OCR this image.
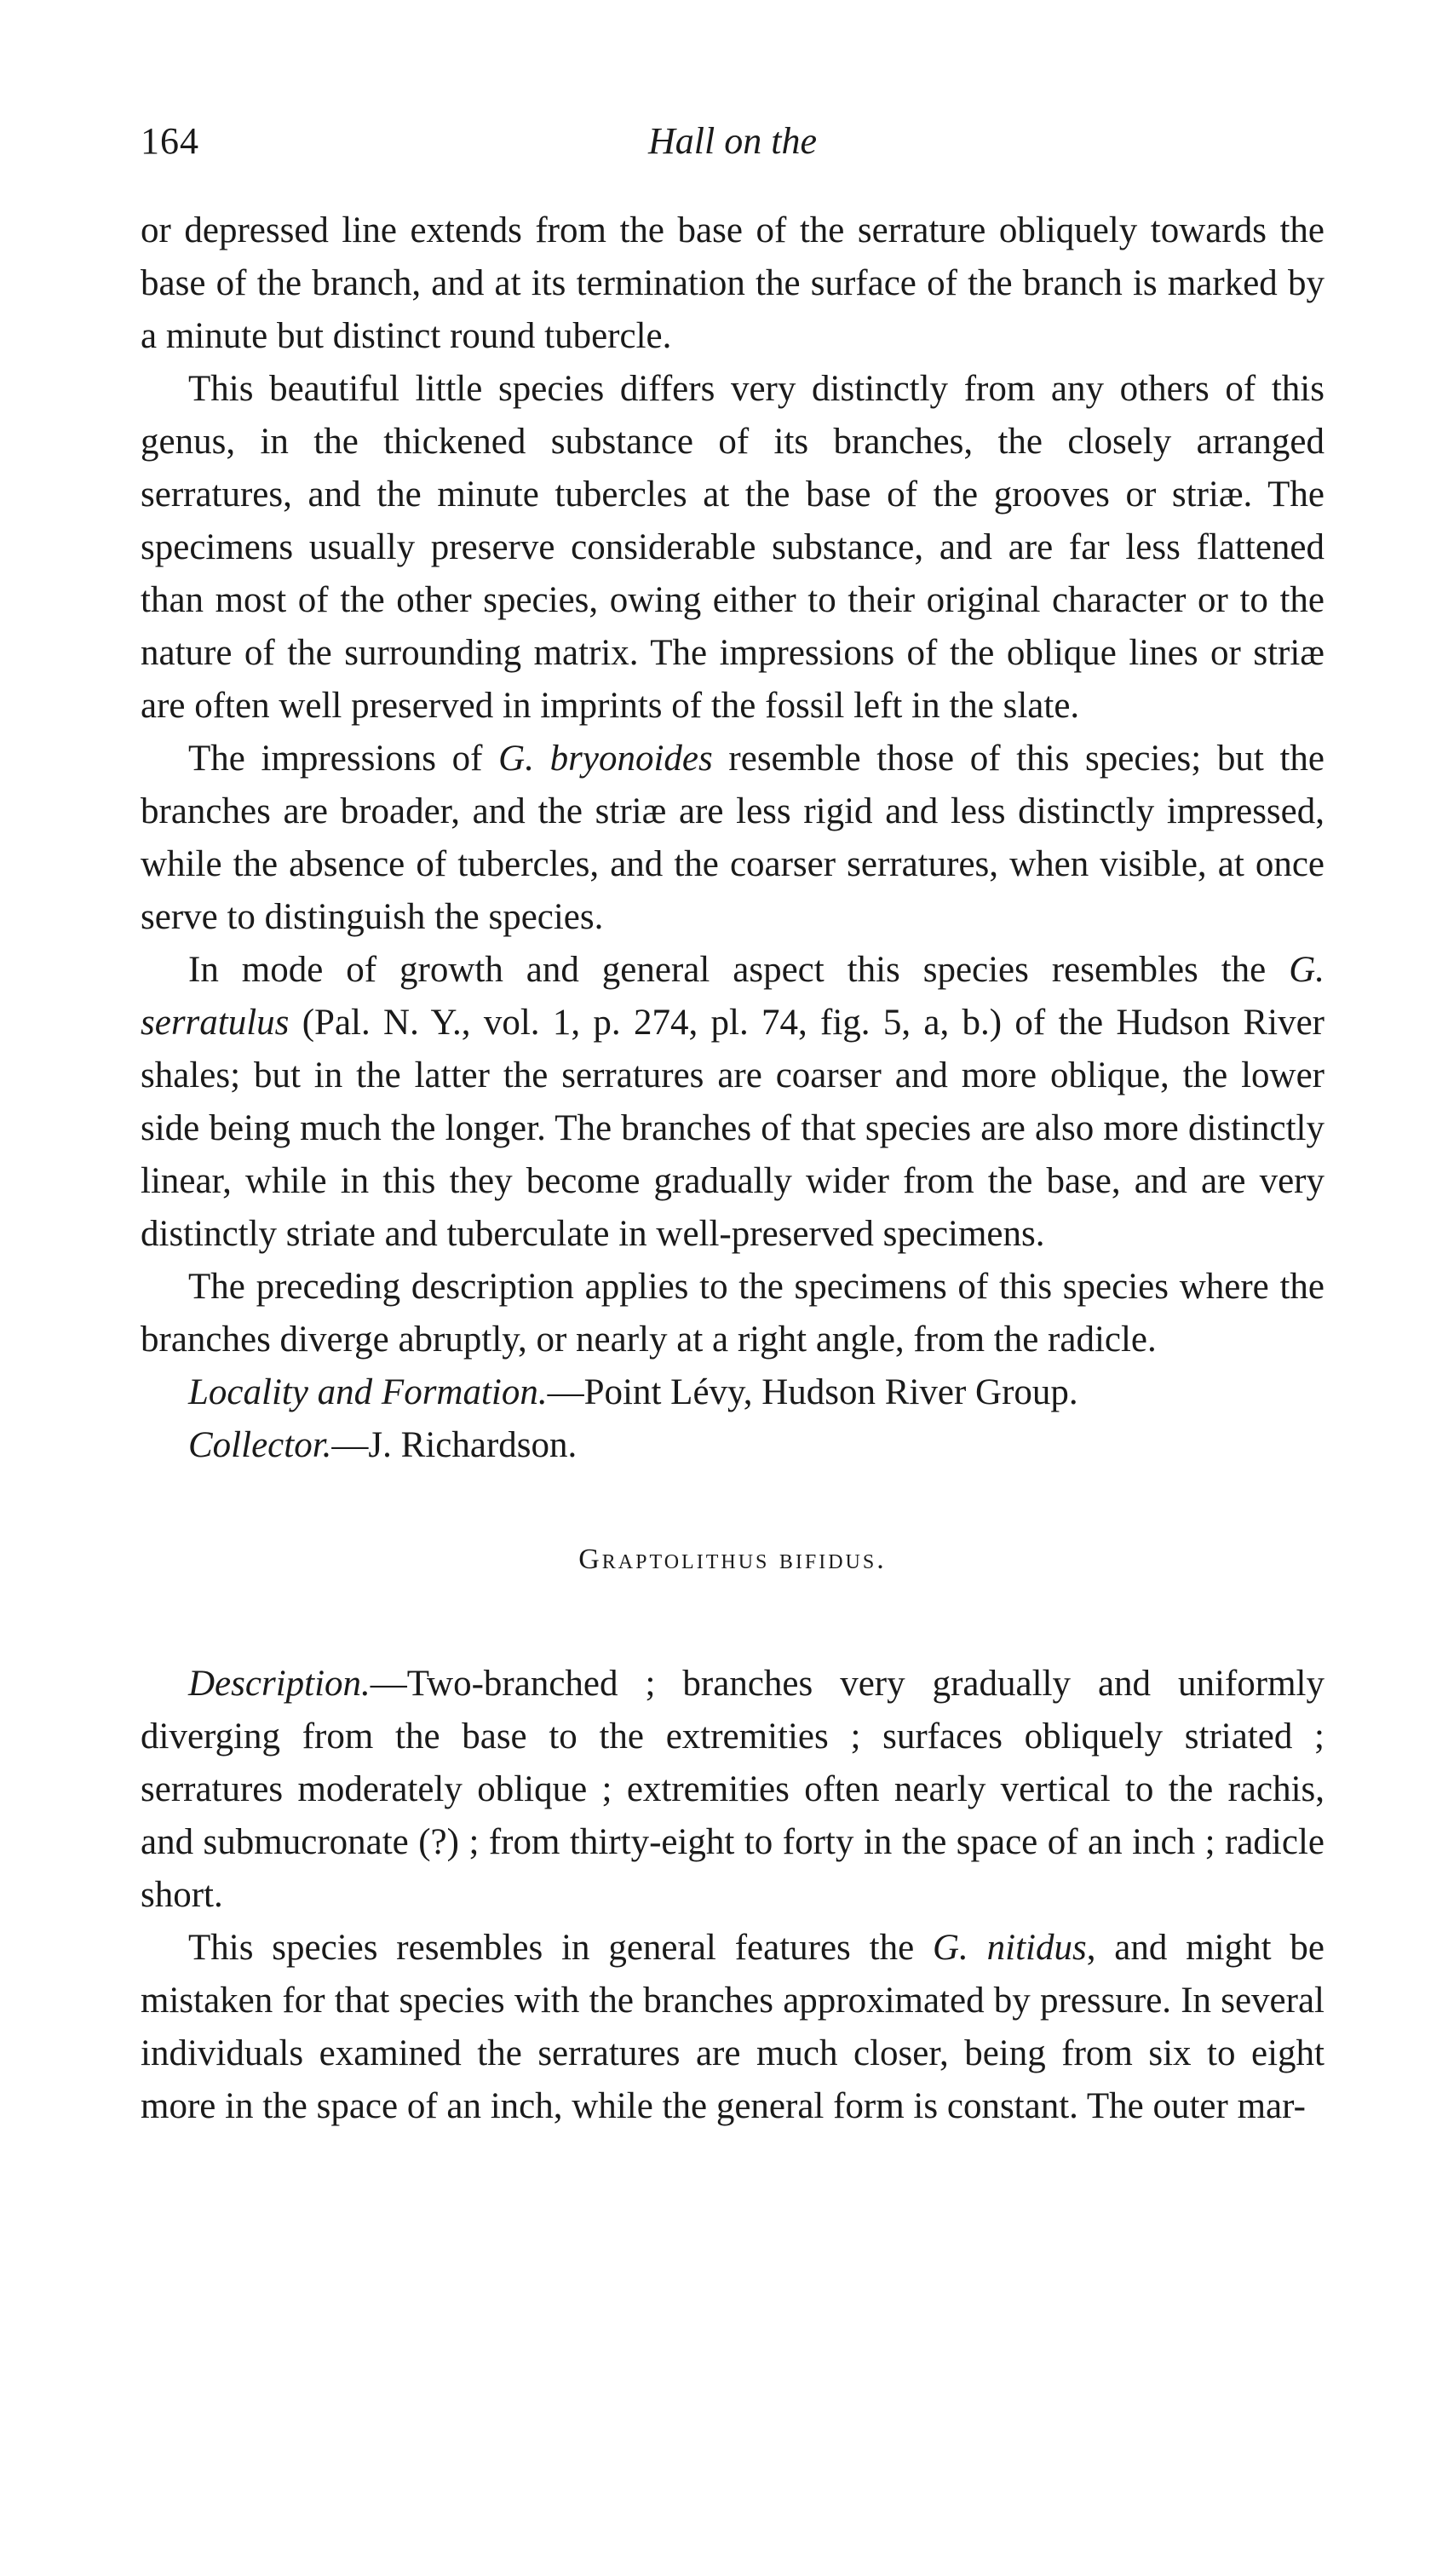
164	Hall on the

or depressed line extends from the base of the serrature obliquely towards the base of the branch, and at its termination the surface of the branch is marked by a minute but distinct round tubercle.

This beautiful little species differs very distinctly from any others of this genus, in the thickened substance of its branches, the closely arranged serratures, and the minute tubercles at the base of the grooves or striæ. The specimens usually preserve considerable substance, and are far less flattened than most of the other species, owing either to their original character or to the nature of the surrounding matrix. The impressions of the oblique lines or striæ are often well preserved in imprints of the fossil left in the slate.

The impressions of G. bryonoides resemble those of this species; but the branches are broader, and the striæ are less rigid and less distinctly impressed, while the absence of tubercles, and the coarser serratures, when visible, at once serve to distinguish the species.

In mode of growth and general aspect this species resembles the G. serratulus (Pal. N. Y., vol. 1, p. 274, pl. 74, fig. 5, a, b.) of the Hudson River shales; but in the latter the serratures are coarser and more oblique, the lower side being much the longer. The branches of that species are also more distinctly linear, while in this they become gradually wider from the base, and are very distinctly striate and tuberculate in well-preserved specimens.

The preceding description applies to the specimens of this species where the branches diverge abruptly, or nearly at a right angle, from the radicle.

Locality and Formation.—Point Lévy, Hudson River Group.

Collector.—J. Richardson.

Graptolithus bifidus.

Description.—Two-branched ; branches very gradually and uniformly diverging from the base to the extremities ; surfaces obliquely striated ; serratures moderately oblique ; extremities often nearly vertical to the rachis, and submucronate (?) ; from thirty-eight to forty in the space of an inch ; radicle short.

This species resembles in general features the G. nitidus, and might be mistaken for that species with the branches approximated by pressure. In several individuals examined the serratures are much closer, being from six to eight more in the space of an inch, while the general form is constant. The outer mar-
